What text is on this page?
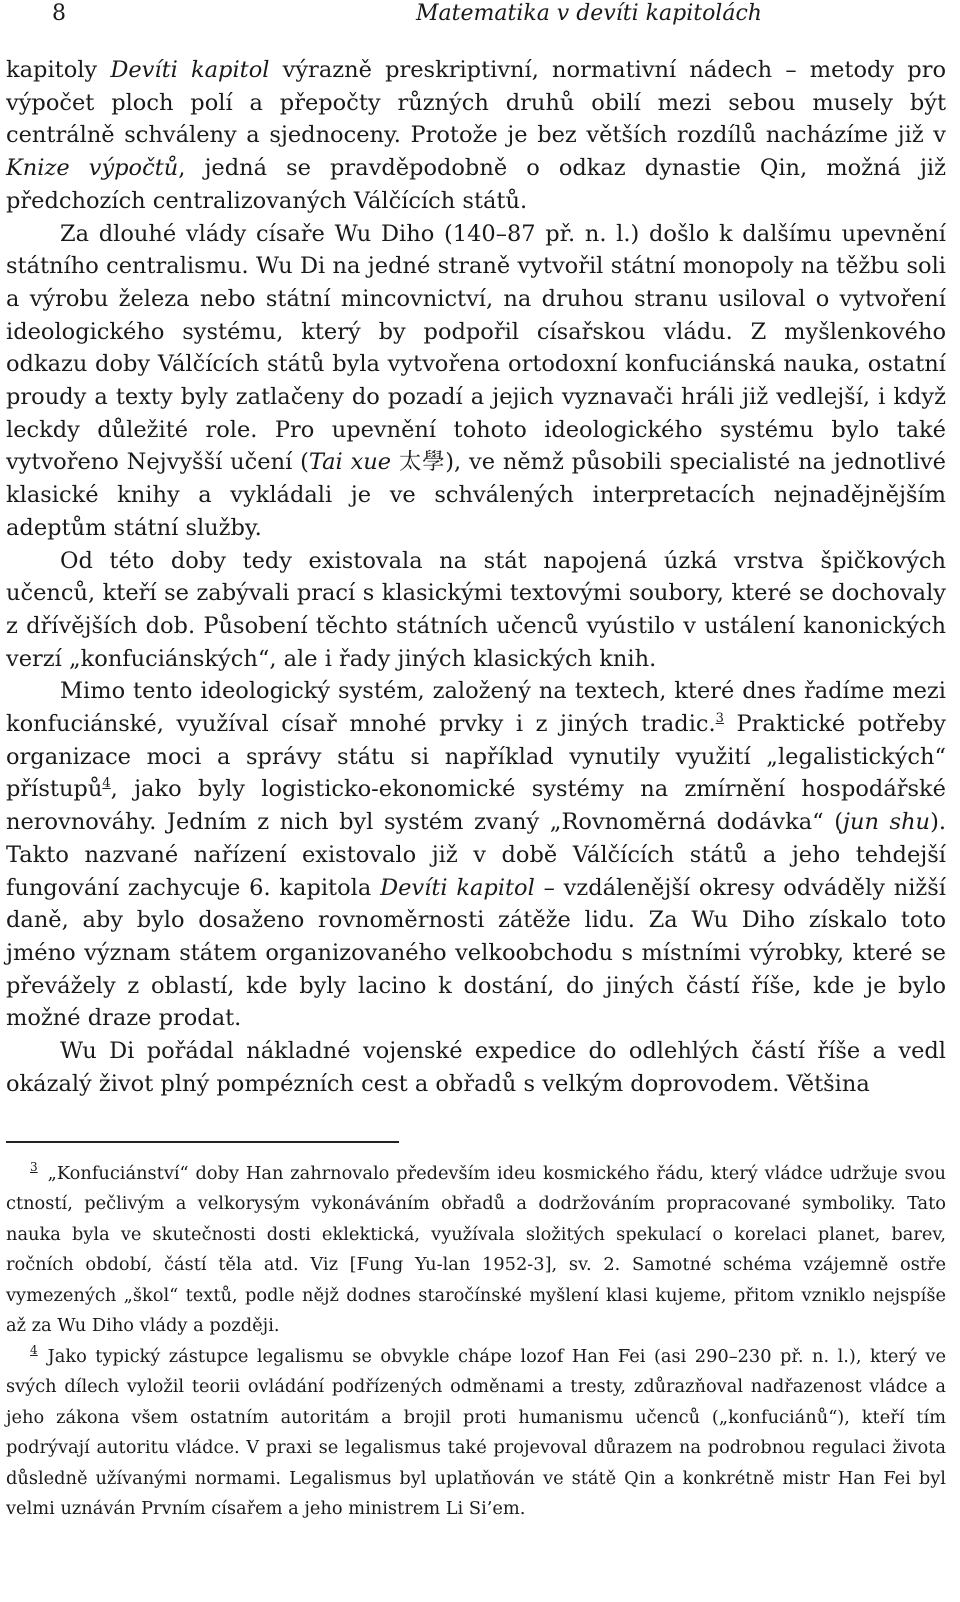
8	Matematika v devíti kapitolách

kapitoly Devíti kapitol výrazně preskriptivní, normativní nádech – metody pro výpočet ploch polí a přepočty různých druhů obilí mezi sebou musely být centrálně schváleny a sjednoceny. Protože je bez větších rozdílů nacházíme již v Knize výpočtů, jedná se pravděpodobně o odkaz dynastie Qin, možná již předchozích centralizovaných Válčících států.

Za dlouhé vlády císaře Wu Diho (140–87 př. n. l.) došlo k dalšímu upevnění státního centralismu. Wu Di na jedné straně vytvořil státní monopoly na těžbu soli a výrobu železa nebo státní mincovnictví, na druhou stranu usiloval o vytvoření ideologického systému, který by podpořil císařskou vládu. Z myšlenkového odkazu doby Válčících států byla vytvořena ortodoxní konfuciánská nauka, ostatní proudy a texty byly zatlačeny do pozadí a jejich vyznavači hráli již vedlejší, i když leckdy důležité role. Pro upevnění tohoto ideologického systému bylo také vytvořeno Nejvyšší učení (Tai xue 太學), ve němž působili specialisté na jednotlivé klasické knihy a vykládali je ve schválených interpretacích nejnadějnějším adeptům státní služby.

Od této doby tedy existovala na stát napojená úzká vrstva špičkových učenců, kteří se zabývali prací s klasickými textovými soubory, které se dochovaly z dřívějších dob. Působení těchto státních učenců vyústilo v ustálení kanonických verzí „konfuciánských“, ale i řady jiných klasických knih.

Mimo tento ideologický systém, založený na textech, které dnes řadíme mezi konfuciánské, využíval císař mnohé prvky i z jiných tradic.$^3$ Praktické potřeby organizace moci a správy státu si například vynutily využití „legalistických“ přístupů$^4$, jako byly logisticko-ekonomické systémy na zmírnění hospodářské nerovnováhy. Jedním z nich byl systém zvaný „Rovnoměrná dodávka“ (jun shu). Takto nazvané nařízení existovalo již v době Válčících států a jeho tehdejší fungování zachycuje 6. kapitola Devíti kapitol – vzdálenější okresy odváděly nižší daně, aby bylo dosaženo rovnoměrnosti zátěže lidu. Za Wu Diho získalo toto jméno význam státem organizovaného velkoobchodu s místními výrobky, které se převážely z oblastí, kde byly lacino k dostání, do jiných částí říše, kde je bylo možné draze prodat.

Wu Di pořádal nákladné vojenské expedice do odlehlých částí říše a vedl okázalý život plný pompézních cest a obřadů s velkým doprovodem. Většina

$^3$ „Konfuciánství“ doby Han zahrnovalo především ideu kosmického řádu, který vládce udržuje svou ctností, pečlivým a velkorysým vykonáváním obřadů a dodržováním propracované symboliky. Tato nauka byla ve skutečnosti dosti eklektická, využívala složitých spekulací o korelaci planet, barev, ročních období, částí těla atd. Viz [Fung Yu-lan 1952-3], sv. 2. Samotné schéma vzájemně ostře vymezených „škol“ textů, podle nějž dodnes staročínské myšlení klasi kujeme, přitom vzniklo nejspíše až za Wu Diho vlády a později.

$^4$ Jako typický zástupce legalismu se obvykle chápe lozof Han Fei (asi 290–230 př. n. l.), který ve svých dílech vyložil teorii ovládání podřízených odměnami a tresty, zdůrazňoval nadřazenost vládce a jeho zákona všem ostatním autoritám a brojil proti humanismu učenců („konfuciánů“), kteří tím podrývají autoritu vládce. V praxi se legalismus také projevoval důrazem na podrobnou regulaci života důsledně užívanými normami. Legalismus byl uplatňován ve státě Qin a konkrétně mistr Han Fei byl velmi uznáván Prvním císařem a jeho ministrem Li Si’em.
